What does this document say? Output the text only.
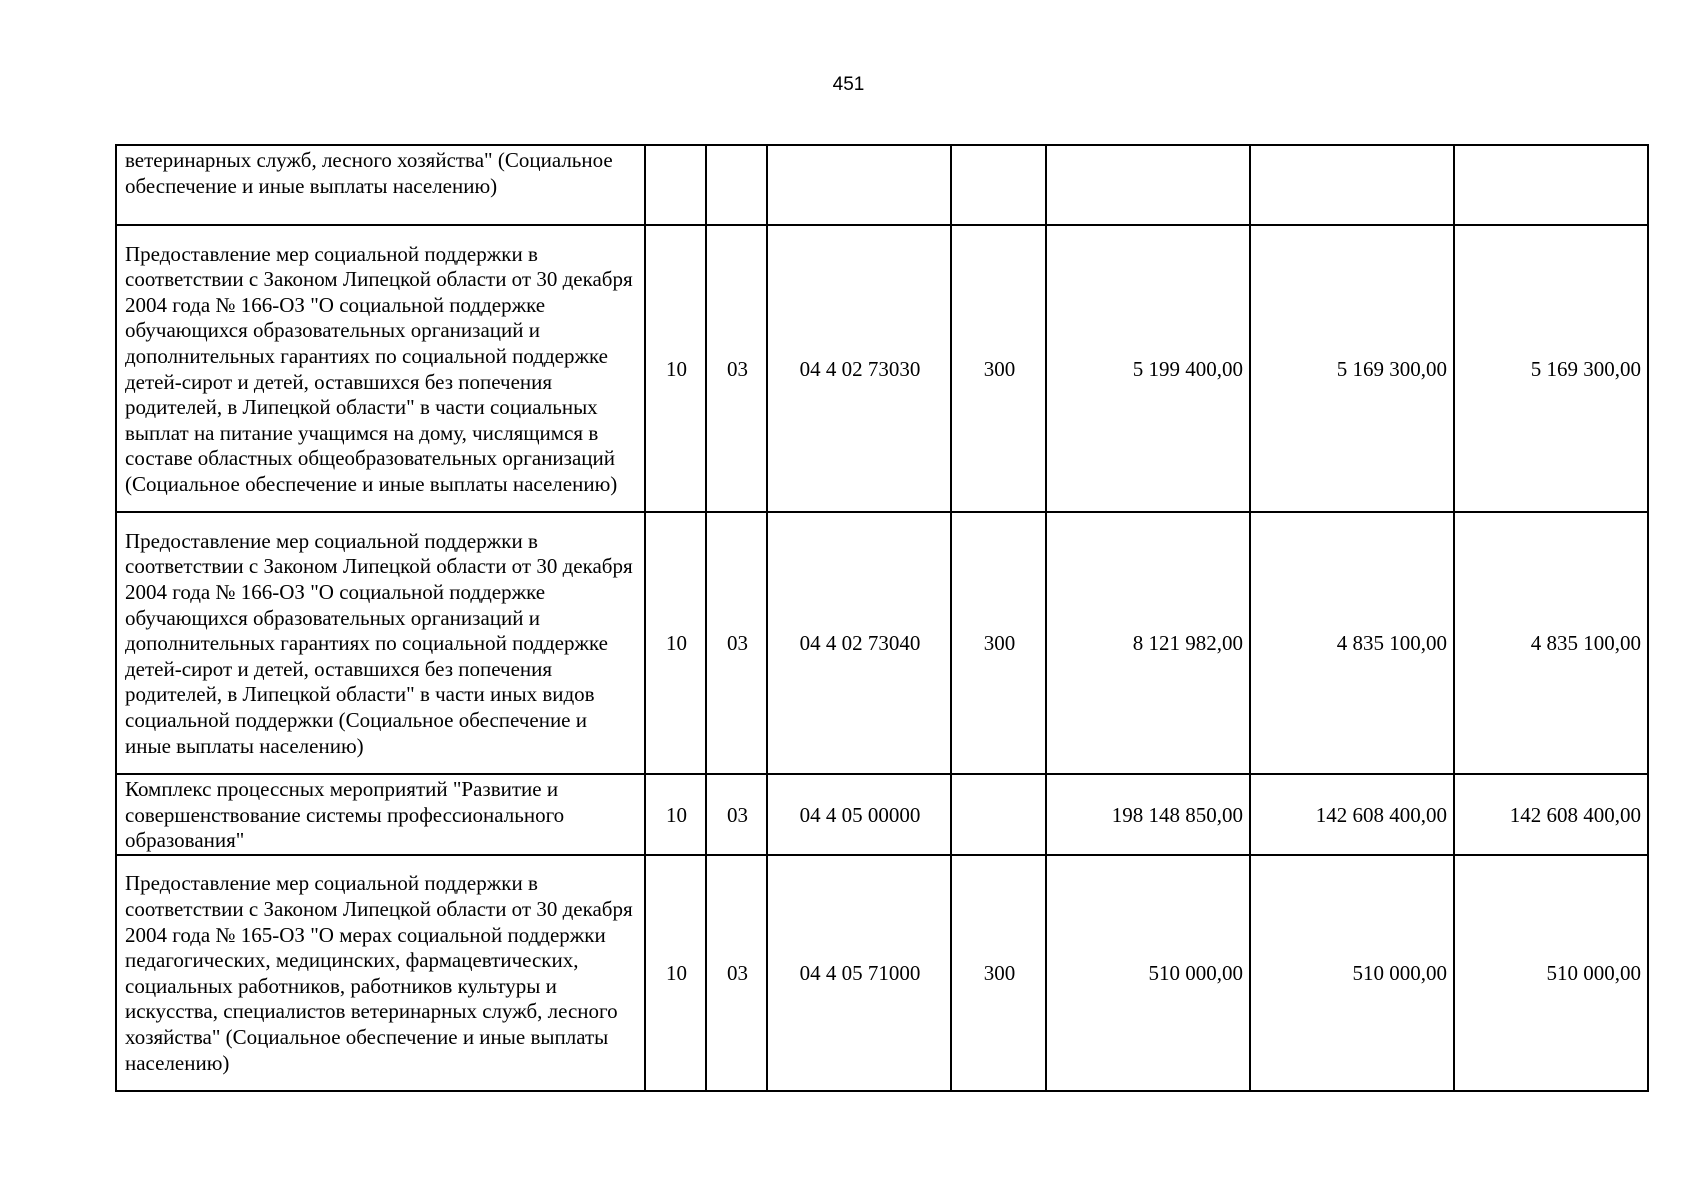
451
ветеринарных служб, лесного хозяйства" (Социальное обеспечение и иные выплаты населению)							
Предоставление мер социальной поддержки в соответствии с Законом Липецкой области от 30 декабря 2004 года № 166-ОЗ "О социальной поддержке обучающихся образовательных организаций и дополнительных гарантиях по социальной поддержке детей-сирот и детей, оставшихся без попечения родителей, в Липецкой области" в части социальных выплат на питание учащимся на дому, числящимся в составе областных общеобразовательных организаций (Социальное обеспечение и иные выплаты населению)	10	03	04 4 02 73030	300	5 199 400,00	5 169 300,00	5 169 300,00
Предоставление мер социальной поддержки в соответствии с Законом Липецкой области от 30 декабря 2004 года № 166-ОЗ "О социальной поддержке обучающихся образовательных организаций и дополнительных гарантиях по социальной поддержке детей-сирот и детей, оставшихся без попечения родителей, в Липецкой области" в части иных видов социальной поддержки (Социальное обеспечение и иные выплаты населению)	10	03	04 4 02 73040	300	8 121 982,00	4 835 100,00	4 835 100,00
Комплекс процессных мероприятий "Развитие и совершенствование системы профессионального образования"	10	03	04 4 05 00000		198 148 850,00	142 608 400,00	142 608 400,00
Предоставление мер социальной поддержки в соответствии с Законом Липецкой области от 30 декабря 2004 года № 165-ОЗ "О мерах социальной поддержки педагогических, медицинских, фармацевтических, социальных работников, работников культуры и искусства, специалистов ветеринарных служб, лесного хозяйства" (Социальное обеспечение и иные выплаты населению)	10	03	04 4 05 71000	300	510 000,00	510 000,00	510 000,00
